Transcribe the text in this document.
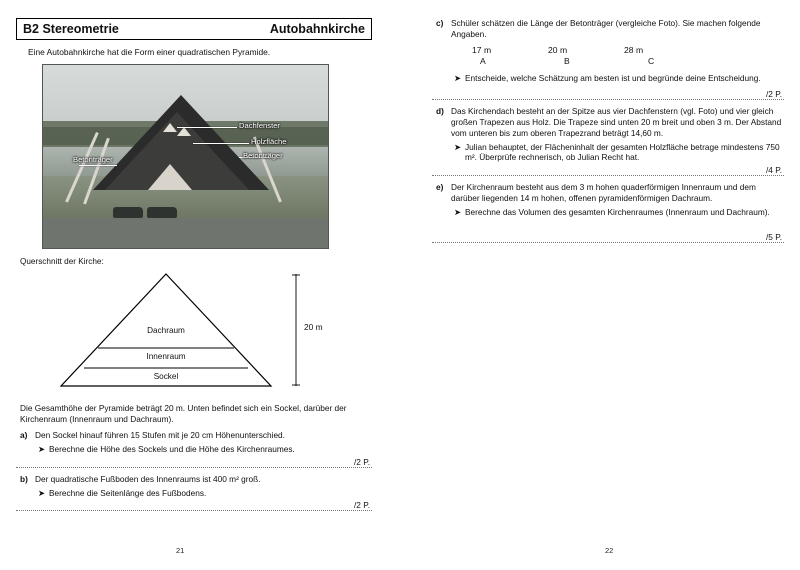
B2 Stereometrie	Autobahnkirche
Eine Autobahnkirche hat die Form einer quadratischen Pyramide.
Dachfenster
Holzfläche
Betonträger
Betonträger
Querschnitt der Kirche:
Dachraum
Innenraum
Sockel
20 m
Die Gesamthöhe der Pyramide beträgt 20 m. Unten befindet sich ein Sockel, darüber der Kirchenraum (Innenraum und Dachraum).
a) Den Sockel hinauf führen 15 Stufen mit je 20 cm Höhenunterschied.
➤ Berechne die Höhe des Sockels und die Höhe des Kirchenraumes.
/2 P.
b) Der quadratische Fußboden des Innenraums ist 400 m² groß.
➤ Berechne die Seitenlänge des Fußbodens.
/2 P.
c) Schüler schätzen die Länge der Betonträger (vergleiche Foto). Sie machen folgende Angaben.
17 m	20 m	28 m
A	B	C
➤ Entscheide, welche Schätzung am besten ist und begründe deine Entscheidung.
/2 P.
d) Das Kirchendach besteht an der Spitze aus vier Dachfenstern (vgl. Foto) und vier gleich großen Trapezen aus Holz. Die Trapeze sind unten 20 m breit und oben 3 m. Der Abstand vom unteren bis zum oberen Trapezrand beträgt 14,60 m.
➤ Julian behauptet, der Flächeninhalt der gesamten Holzfläche betrage mindestens 750 m². Überprüfe rechnerisch, ob Julian Recht hat.
/4 P.
e) Der Kirchenraum besteht aus dem 3 m hohen quaderförmigen Innenraum und dem darüber liegenden 14 m hohen, offenen pyramidenförmigen Dachraum.
➤ Berechne das Volumen des gesamten Kirchenraumes (Innenraum und Dachraum).
/5 P.
21	22
